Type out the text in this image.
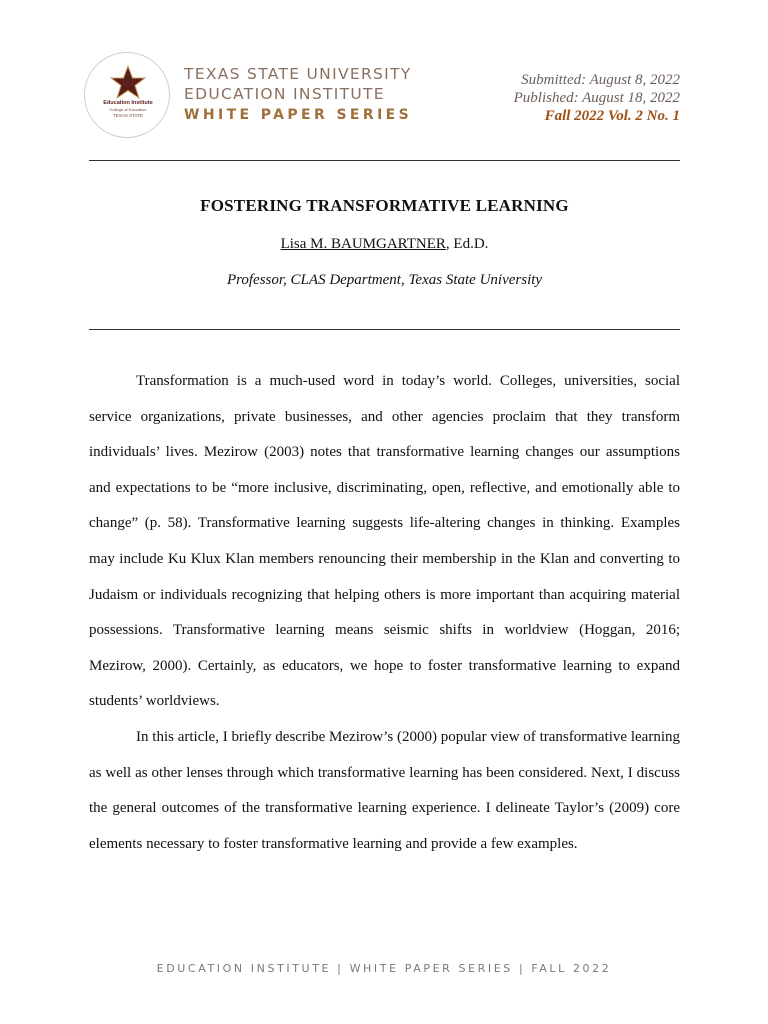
Education Institute
College of Education
TEXAS STATE
TEXAS STATE UNIVERSITY
EDUCATION INSTITUTE
WHITE PAPER SERIES
Submitted: August 8, 2022
Published: August 18, 2022
Fall 2022 Vol. 2 No. 1
FOSTERING TRANSFORMATIVE LEARNING
Lisa M. BAUMGARTNER, Ed.D.
Professor, CLAS Department, Texas State University

Transformation is a much-used word in today’s world. Colleges, universities, social service organizations, private businesses, and other agencies proclaim that they transform individuals’ lives. Mezirow (2003) notes that transformative learning changes our assumptions and expectations to be “more inclusive, discriminating, open, reflective, and emotionally able to change” (p. 58). Transformative learning suggests life-altering changes in thinking. Examples may include Ku Klux Klan members renouncing their membership in the Klan and converting to Judaism or individuals recognizing that helping others is more important than acquiring material possessions. Transformative learning means seismic shifts in worldview (Hoggan, 2016; Mezirow, 2000). Certainly, as educators, we hope to foster transformative learning to expand students’ worldviews.

In this article, I briefly describe Mezirow’s (2000) popular view of transformative learning as well as other lenses through which transformative learning has been considered. Next, I discuss the general outcomes of the transformative learning experience. I delineate Taylor’s (2009) core elements necessary to foster transformative learning and provide a few examples.

EDUCATION INSTITUTE | WHITE PAPER SERIES | FALL 2022
